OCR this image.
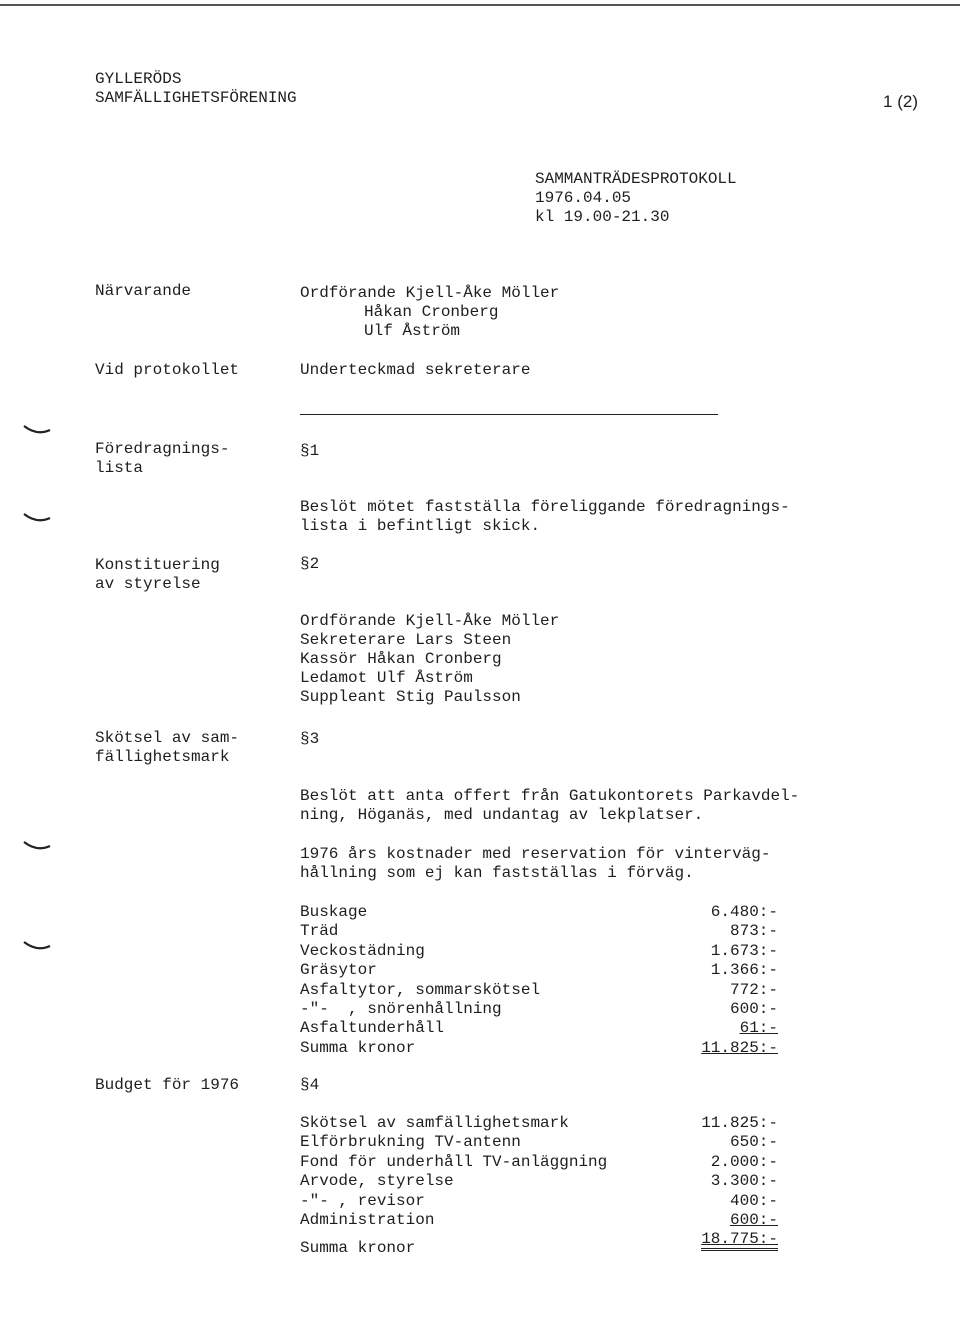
GYLLERÖDS
SAMFÄLLIGHETSFÖRENING	1 (2)
SAMMANTRÄDESPROTOKOLL
1976.04.05
kl 19.00-21.30
Närvarande	Ordförande Kjell-Åke Möller
Håkan Cronberg
Ulf Åström
Vid protokollet	Underteckmad sekreterare
Föredragnings-
lista
§1
Beslöt mötet fastställa föreliggande föredragnings-
lista i befintligt skick.
Konstituering
av styrelse
§2
Ordförande Kjell-Åke Möller
Sekreterare Lars Steen
Kassör Håkan Cronberg
Ledamot Ulf Åström
Suppleant Stig Paulsson
Skötsel av sam-
fällighetsmark
§3
Beslöt att anta offert från Gatukontorets Parkavdel-
ning, Höganäs, med undantag av lekplatser.
1976 års kostnader med reservation för vinterväg-
hållning som ej kan fastställas i förväg.
Buskage	6.480:-
Träd	873:-
Veckostädning	1.673:-
Gräsytor	1.366:-
Asfaltytor, sommarskötsel	772:-
-"-  , snörenhållning	600:-
Asfaltunderhåll	61:-
Summa kronor	11.825:-
Budget för 1976	§4
Skötsel av samfällighetsmark	11.825:-
Elförbrukning TV-antenn	650:-
Fond för underhåll TV-anläggning	2.000:-
Arvode, styrelse	3.300:-
-"- , revisor	400:-
Administration	600:-
Summa kronor	18.775:-
